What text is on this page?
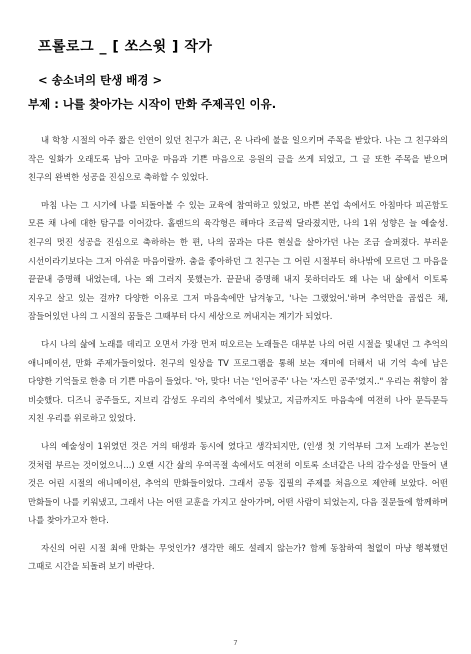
프롤로그 _ [ 쏘스윗 ] 작가
< 송소녀의 탄생 배경 >
부제 : 나를 찾아가는 시작이 만화 주제곡인 이유.

내 학창 시절의 아주 짧은 인연이 있던 친구가 최근, 온 나라에 불을 일으키며 주목을 받았다. 나는 그 친구와의 작은 일화가 오래도록 남아 고마운 마음과 기쁜 마음으로 응원의 글을 쓰게 되었고, 그 글 또한 주목을 받으며 친구의 완벽한 성공을 진심으로 축하할 수 있었다.

마침 나는 그 시기에 나를 되돌아볼 수 있는 교육에 참여하고 있었고, 바쁜 본업 속에서도 아침마다 피곤함도 모른 채 나에 대한 탐구를 이어갔다. 홀랜드의 육각형은 해마다 조금씩 달라졌지만, 나의 1위 성향은 늘 예술성. 친구의 멋진 성공을 진심으로 축하하는 한 편, 나의 꿈과는 다른 현실을 살아가던 나는 조금 슬퍼졌다. 부러운 시선이라기보다는 그저 아쉬운 마음이랄까. 춤을 좋아하던 그 친구는 그 어린 시절부터 하나밖에 모르던 그 마음을 끝끝내 증명해 내었는데, 나는 왜 그러지 못했는가. 끝끝내 증명해 내지 못하더라도 왜 나는 내 삶에서 이토록 지우고 살고 있는 걸까? 다양한 이유로 그저 마음속에만 남겨놓고, '나는 그랬었어.'하며 추억만을 곱씹은 채, 잠들어있던 나의 그 시절의 꿈들은 그때부터 다시 세상으로 꺼내지는 계기가 되었다.

다시 나의 삶에 노래를 데리고 오면서 가장 먼저 떠오르는 노래들은 대부분 나의 어린 시절을 빛내던 그 추억의 애니메이션, 만화 주제가들이었다. 친구의 일상을 TV 프로그램을 통해 보는 재미에 더해서 내 기억 속에 남은 다양한 기억들로 한층 더 기쁜 마음이 들었다. '아, 맞다! 너는 '인어공주' 나는 '자스민 공주'였지.." 우리는 취향이 참 비슷했다. 디즈니 공주들도, 지브리 감성도 우리의 추억에서 빛났고, 지금까지도 마음속에 여전히 나아 문득문득 지친 우리를 위로하고 있었다.

나의 예술성이 1위였던 것은 거의 태생과 동시에 였다고 생각되지만, (인생 첫 기억부터 그저 노래가 본능인 것처럼 부르는 것이었으니...) 오랜 시간 삶의 우여곡절 속에서도 여전히 이토록 소녀같은 나의 감수성을 만들어 낸 것은 어린 시절의 애니메이션, 추억의 만화들이었다. 그래서 공동 집필의 주제를 처음으로 제안해 보았다. 어떤 만화들이 나를 키워냈고, 그래서 나는 어떤 교훈을 가지고 살아가며, 어떤 사람이 되었는지, 다음 질문들에 함께하며 나를 찾아가고자 한다.

자신의 어린 시절 최애 만화는 무엇인가? 생각만 해도 설레지 않는가? 함께 동참하여 철없이 마냥 행복했던 그때로 시간을 되돌려 보기 바란다.

7
